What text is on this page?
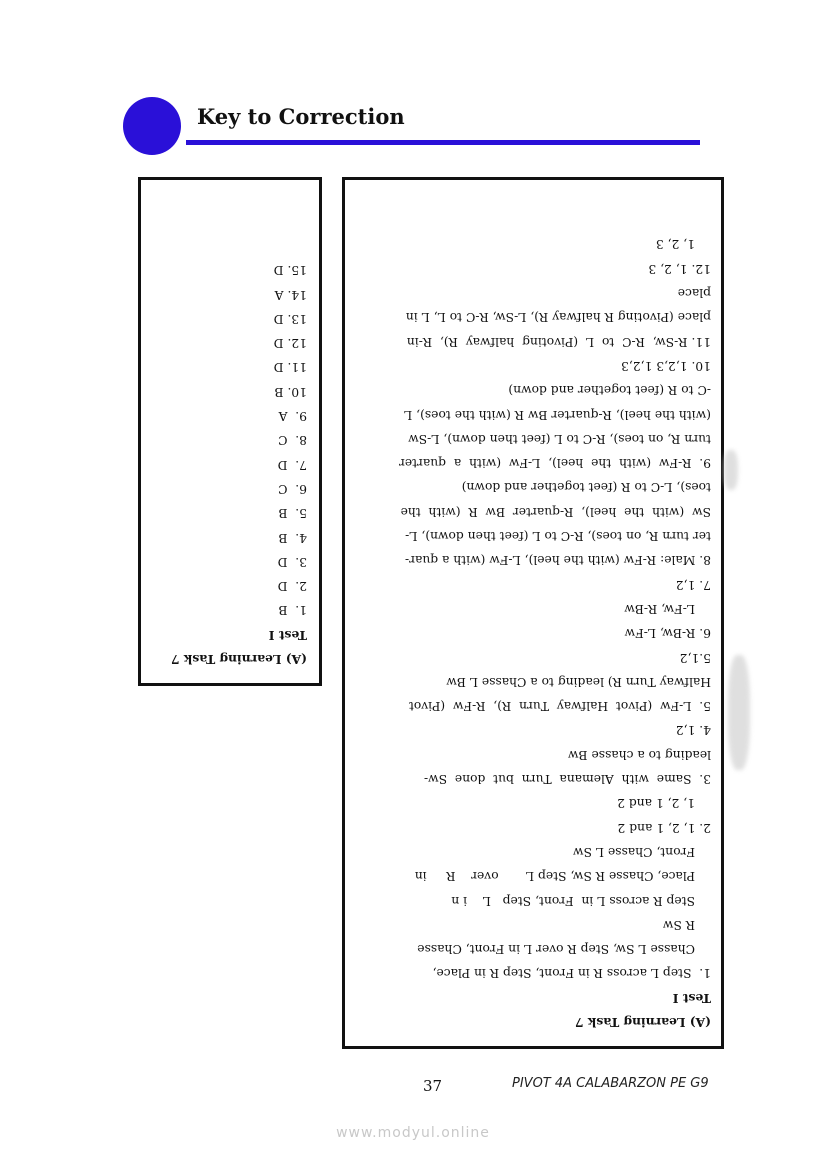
Key to Correction
(A) Learning Task 7
Test I
1.  B
2.  D
3.  D
4.  B
5.  B
6.  C
7.  D
8.  C
9.  A
10. B
11. D
12. D
13. D
14. A
15. D
(A) Learning Task 7
Test I
1.  Step L across R in Front, Step R in Place,
Chasse L Sw, Step R over L in Front, Chasse
R Sw
Step R across L in  Front, Step   L    i n
Place, Chasse R Sw, Step L       over    R     in
Front, Chasse L Sw
2. 1, 2, 1 and 2
1, 2, 1 and 2
3.  Same  with  Alemana  Turn  but  done  Sw-
leading to a chasse Bw
4. 1,2
5.  L-Fw  (Pivot  Halfway  Turn  R),  R-Fw  (Pivot
Halfway Turn R) leading to a Chasse L Bw
5.1,2
6. R-Bw, L-Fw
L-Fw, R-Bw
7. 1,2
8. Male: R-Fw (with the heel), L-Fw (with a quar-
ter turn R, on toes), R-C to L (feet then down), L-
Sw  (with  the  heel),  R-quarter  Bw  R  (with  the
toes), L-C to R (feet together and down)
9.  R-Fw  (with  the  heel),  L-Fw  (with  a  quarter
turn R, on toes), R-C to L (feet then down), L-Sw
(with the heel), R-quarter Bw R (with the toes), L
-C to R (feet together and down)
10. 1,2,3 1,2,3
11. R-Sw,  R-C  to  L  (Pivoting  halfway  R),  R-in
place (Pivoting R halfway R), L-Sw, R-C to L, L in
place
12. 1, 2, 3
1, 2, 3
37	PIVOT 4A CALABARZON PE G9
www.modyul.online
